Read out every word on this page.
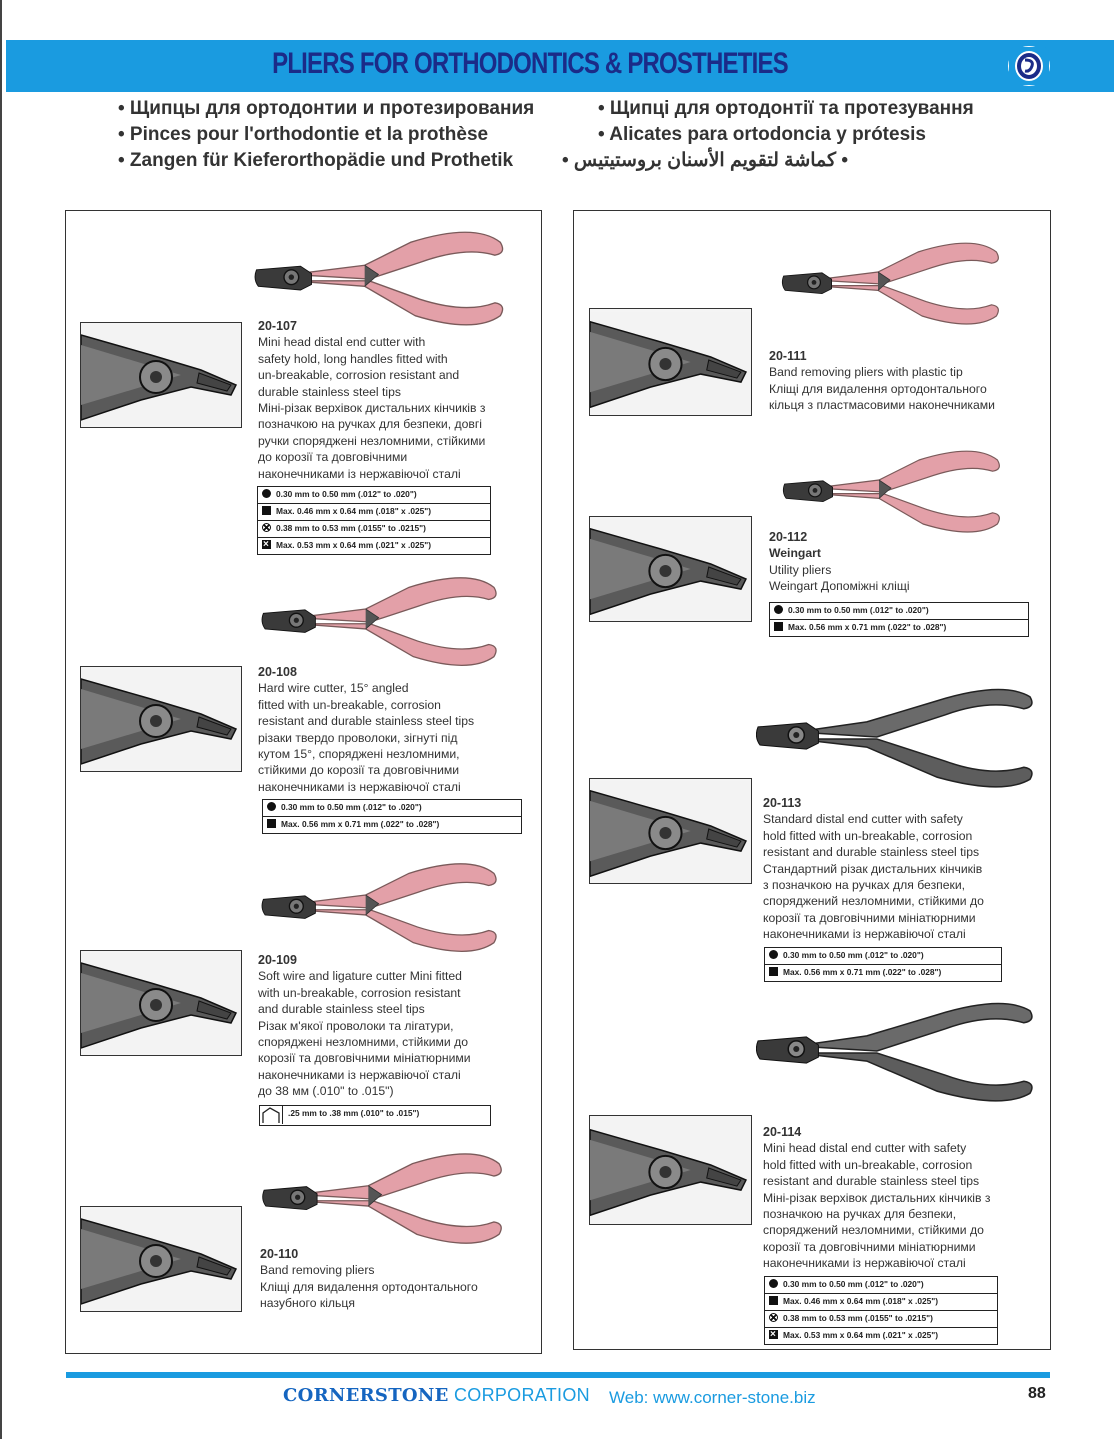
PLIERS FOR ORTHODONTICS & PROSTHETIES
• Щипцы для ортодонтии и протезирования
• Pinces pour l'orthodontie et la prothèse
• Zangen für Kieferorthopädie und Prothetik
• Щипці для ортодонтії та протезування
• Alicates para ortodoncia y prótesis
• كماشة لتقويم الأسنان بروستيتيس •
20-107
Mini head distal end cutter with
safety hold, long handles fitted with
un-breakable, corrosion resistant and
durable stainless steel tips
Міні-різак верхівок дистальних кінчиків з
позначкою на ручках для безпеки, довгі
ручки споряджені незломними, стійкими
до корозії та довговічними
наконечниками із нержавіючої сталі
0.30 mm to 0.50 mm (.012" to .020")
Max. 0.46 mm x 0.64 mm (.018" x .025")
0.38 mm to 0.53 mm (.0155" to .0215")
×Max. 0.53 mm x 0.64 mm (.021" x .025")
20-108
Hard wire cutter, 15° angled
fitted with un-breakable, corrosion
resistant and durable stainless steel tips
різаки твердо проволоки, зігнуті під
кутом 15°, споряджені незломними,
стійкими до корозії та довговічними
наконечниками із нержавіючої сталі
0.30 mm to 0.50 mm (.012" to .020")
Max. 0.56 mm x 0.71 mm (.022" to .028")
20-109
Soft wire and ligature cutter Mini fitted
with un-breakable, corrosion resistant
and durable stainless steel tips
Різак м'якої проволоки та лігатури,
споряджені незломними, стійкими до
корозії та довговічними мініатюрними
наконечниками із нержавіючої сталі
до 38 мм (.010" to .015")
.25 mm to .38 mm (.010" to .015")
20-110
Band removing pliers
Кліщі для видалення ортодонтального
назубного кільця
20-111
Band removing pliers with plastic tip
Кліщі для видалення ортодонтального
кільця з пластмасовими наконечниками
20-112
Weingart
Utility pliers
Weingart Допоміжні кліщі
0.30 mm to 0.50 mm (.012" to .020")
Max. 0.56 mm x 0.71 mm (.022" to .028")
20-113
Standard distal end cutter with safety
hold fitted with un-breakable, corrosion
resistant and durable stainless steel tips
Стандартний різак дистальних кінчиків
з позначкою на ручках для безпеки,
споряджений незломними, стійкими до
корозії та довговічними мініатюрними
наконечниками із нержавіючої сталі
0.30 mm to 0.50 mm (.012" to .020")
Max. 0.56 mm x 0.71 mm (.022" to .028")
20-114
Mini head distal end cutter with safety
hold fitted with un-breakable, corrosion
resistant and durable stainless steel tips
Міні-різак верхівок дистальних кінчиків з
позначкою на ручках для безпеки,
споряджений незломними, стійкими до
корозії та довговічними мініатюрними
наконечниками із нержавіючої сталі
0.30 mm to 0.50 mm (.012" to .020")
Max. 0.46 mm x 0.64 mm (.018" x .025")
0.38 mm to 0.53 mm (.0155" to .0215")
×Max. 0.53 mm x 0.64 mm (.021" x .025")
CORNERSTONE CORPORATION Web: www.corner-stone.biz	88
